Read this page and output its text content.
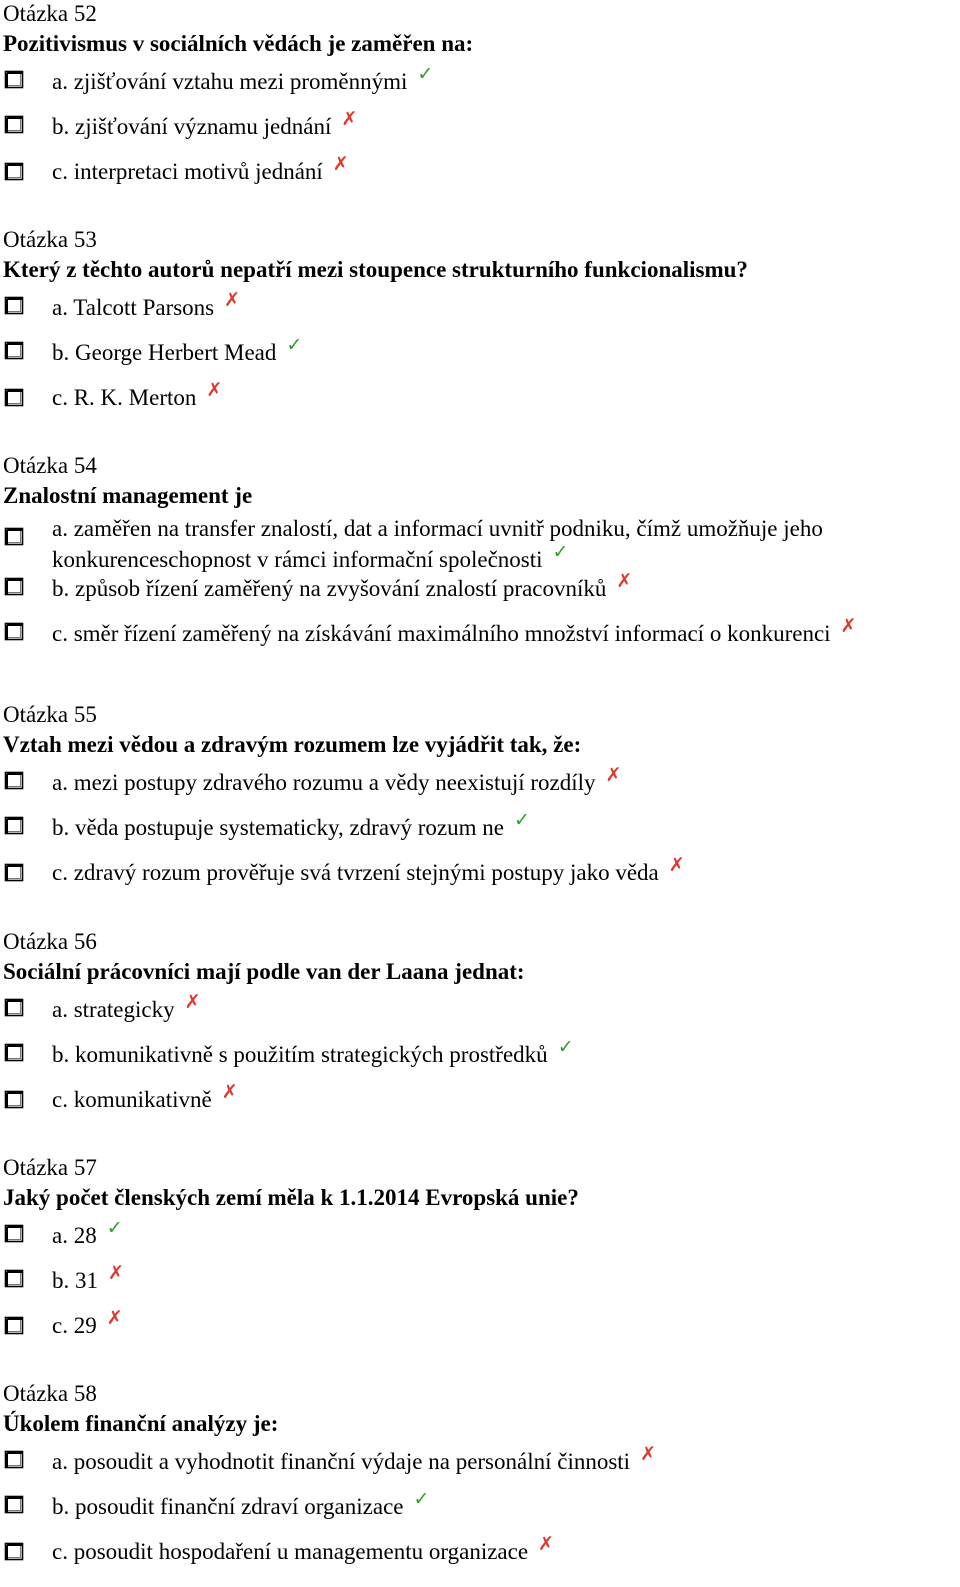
Otázka 52
Pozitivismus v sociálních vědách je zaměřen na:
a. zjišťování vztahu mezi proměnnými ✓
b. zjišťování významu jednání ✗
c. interpretaci motivů jednání ✗
Otázka 53
Který z těchto autorů nepatří mezi stoupence strukturního funkcionalismu?
a. Talcott Parsons ✗
b. George Herbert Mead ✓
c. R. K. Merton ✗
Otázka 54
Znalostní management je
a. zaměřen na transfer znalostí, dat a informací uvnitř podniku, čímž umožňuje jeho konkurenceschopnost v rámci informační společnosti ✓
b. způsob řízení zaměřený na zvyšování znalostí pracovníků ✗
c. směr řízení zaměřený na získávání maximálního množství informací o konkurenci ✗
Otázka 55
Vztah mezi vědou a zdravým rozumem lze vyjádřit tak, že:
a. mezi postupy zdravého rozumu a vědy neexistují rozdíly ✗
b. věda postupuje systematicky, zdravý rozum ne ✓
c. zdravý rozum prověřuje svá tvrzení stejnými postupy jako věda ✗
Otázka 56
Sociální prácovníci mají podle van der Laana jednat:
a. strategicky ✗
b. komunikativně s použitím strategických prostředků ✓
c. komunikativně ✗
Otázka 57
Jaký počet členských zemí měla k 1.1.2014 Evropská unie?
a. 28 ✓
b. 31 ✗
c. 29 ✗
Otázka 58
Úkolem finanční analýzy je:
a. posoudit a vyhodnotit finanční výdaje na personální činnosti ✗
b. posoudit finanční zdraví organizace ✓
c. posoudit hospodaření u managementu organizace ✗
